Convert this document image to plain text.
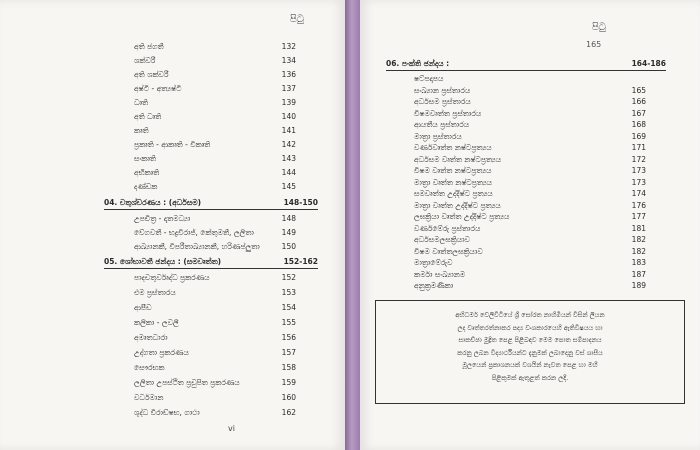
පිටු
අති ජගතී	132
ශක්වරී	134
අති ශක්වරී	136
අෂ්ටි - අත්‍යෂ්ටි	137
ධෘති	139
අති ධෘති	140
කෘති	141
ප්‍රකෘති - ආකෘති - විකෘති	142
සංකෘති	143
අභිකෘති	144
දණ්ඩක	145
04. චතුශ්චරණය : (අර්ධසම)	148-150
උපචිත්‍ර - දෘතමධ්‍යා	148
වේගවතී - භද්‍රවිරාජ්, කේතුමතී, ලලිතා	149
ආඛ්‍යානකී, විපරීතාඛ්‍යානකී, හරිණප්ලුතා	150
05. ශෝභාවතී ඡන්දය : (සමවෘත්ත)	152-162
පාදචතුර්වෘද්ධ ප්‍රකරණය	152
එම ප්‍රස්තාරය	153
ආපීඩ	154
කලිකා - ලවලී	155
අමෘතධාරා	156
උද්ගතා ප්‍රකරණය	157
සෞරභක	158
ලලිතා උපස්ථිත ප්‍රචුපිත ප්‍රකරණය	159
වර්ධමාන	160
ශුද්ධ විරාඩ්ෂභ, ගාථා	162
vi
පිටු
165
06. පංක්ති ඡන්දය :	164-186
ෂට්පදාපය
සංඛ්‍යාන ප්‍රස්තාරය	165
අර්ධසම ප්‍රස්තාරය	166
විෂමවෘත්ත ප්‍රස්තාරය	167
ආයතීය ප්‍රස්තාරය	168
මාත්‍රා ප්‍රස්තාරය	169
වර්ණවෘත්ත නෂ්ටප්‍රත්‍යය	171
අර්ධසම වෘත්ත නෂ්ටප්‍රත්‍යය	172
විෂම වෘත්ත නෂ්ටප්‍රත්‍යය	173
මාත්‍රා වෘත්ත නෂ්ටප්‍රත්‍යය	173
සමවෘත්ත උද්දිෂ්ට ප්‍රත්‍යය	174
මාත්‍රා වෘත්ත උද්දිෂ්ට ප්‍රත්‍යය	176
ලඝක්‍රියා වෘත්ත උද්දිෂ්ට ප්‍රත්‍යය	177
වර්ණමේරු ප්‍රස්තාරය	181
අර්ධසමලඝක්‍රියාව	182
විෂම වෘත්තලඝක්‍රියාව	182
මාත්‍රාමේරුව	183
කර්මා සංඛ්‍යානම	187
අනුක්‍රමණිකා	189
අභිධර්ම වෙලිවිටියේ ශ්‍රී සෝරත නාහිමියන් විසින් ලියන
ලද වෘත්තරත්නාකර පද්‍ය වංශකාරයෙහි ඇතිවිෂයය හා
සාකච්ඡා මුද්‍රිත පෙළ පිළිබඳව මෙම පොත සම්පාදනය
කරනු ලබන විද්‍යාර්ථීයන්ට දැනුමක් ලබාදෙනු වස් ශාසීය
මූලයෙන් ප්‍රකාශනයක් වශයින් නැවත පෙළ හා මහී
පිළිකුමක් ඇතුළත් කරන ලදී.
